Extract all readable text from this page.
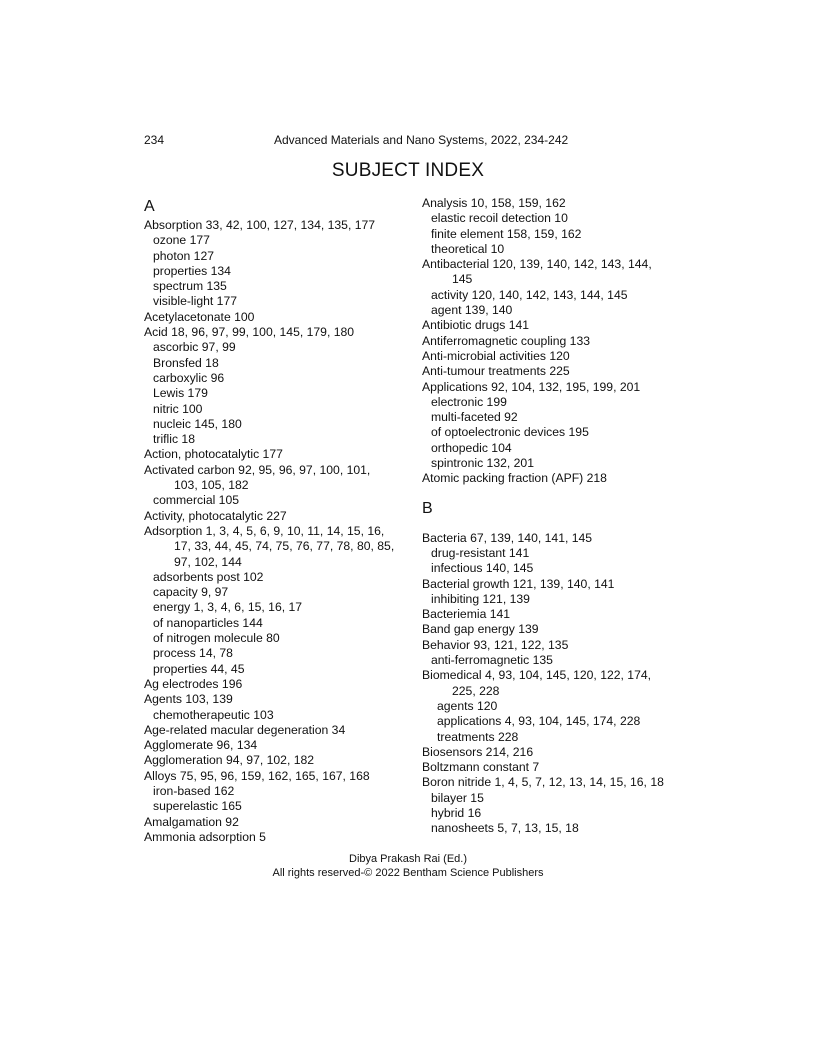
234	Advanced Materials and Nano Systems, 2022, 234-242
SUBJECT INDEX
A
Absorption 33, 42, 100, 127, 134, 135, 177
ozone 177
photon 127
properties 134
spectrum 135
visible-light 177
Acetylacetonate 100
Acid 18, 96, 97, 99, 100, 145, 179, 180
ascorbic 97, 99
Bronsfed 18
carboxylic 96
Lewis 179
nitric 100
nucleic 145, 180
triflic 18
Action, photocatalytic 177
Activated carbon 92, 95, 96, 97, 100, 101,
103, 105, 182
commercial 105
Activity, photocatalytic 227
Adsorption 1, 3, 4, 5, 6, 9, 10, 11, 14, 15, 16,
17, 33, 44, 45, 74, 75, 76, 77, 78, 80, 85,
97, 102, 144
adsorbents post 102
capacity 9, 97
energy 1, 3, 4, 6, 15, 16, 17
of nanoparticles 144
of nitrogen molecule 80
process 14, 78
properties 44, 45
Ag electrodes 196
Agents 103, 139
chemotherapeutic 103
Age-related macular degeneration 34
Agglomerate 96, 134
Agglomeration 94, 97, 102, 182
Alloys 75, 95, 96, 159, 162, 165, 167, 168
iron-based 162
superelastic 165
Amalgamation 92
Ammonia adsorption 5
Analysis 10, 158, 159, 162
elastic recoil detection 10
finite element 158, 159, 162
theoretical 10
Antibacterial 120, 139, 140, 142, 143, 144,
145
activity 120, 140, 142, 143, 144, 145
agent 139, 140
Antibiotic drugs 141
Antiferromagnetic coupling 133
Anti-microbial activities 120
Anti-tumour treatments 225
Applications 92, 104, 132, 195, 199, 201
electronic 199
multi-faceted 92
of optoelectronic devices 195
orthopedic 104
spintronic 132, 201
Atomic packing fraction (APF) 218
B
Bacteria 67, 139, 140, 141, 145
drug-resistant 141
infectious 140, 145
Bacterial growth 121, 139, 140, 141
inhibiting 121, 139
Bacteriemia 141
Band gap energy 139
Behavior 93, 121, 122, 135
anti-ferromagnetic 135
Biomedical 4, 93, 104, 145, 120, 122, 174,
225, 228
agents 120
applications 4, 93, 104, 145, 174, 228
treatments 228
Biosensors 214, 216
Boltzmann constant 7
Boron nitride 1, 4, 5, 7, 12, 13, 14, 15, 16, 18
bilayer 15
hybrid 16
nanosheets 5, 7, 13, 15, 18
Dibya Prakash Rai (Ed.)
All rights reserved-© 2022 Bentham Science Publishers
